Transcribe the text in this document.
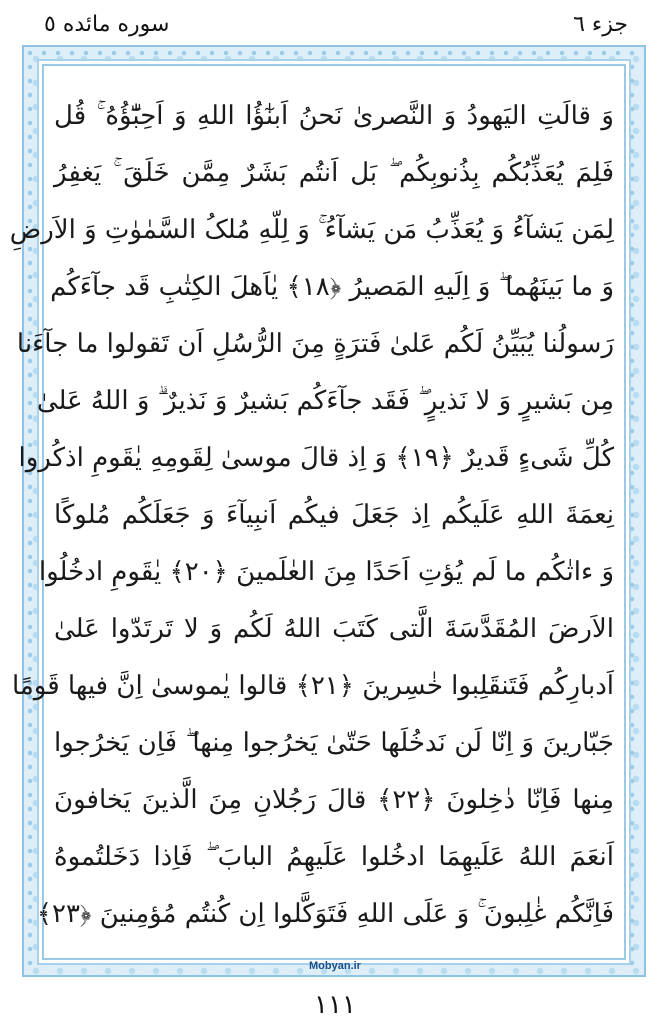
جزء ٦
سوره مائده ٥
وَ قالَتِ الیَهودُ وَ النَّصریٰ نَحنُ اَبنٰٓؤُا اللهِ وَ اَحِبّٰٓؤُهُ ۚ قُل
فَلِمَ یُعَذِّبُکُم بِذُنوبِکُم ۖ بَل اَنتُم بَشَرٌ مِمَّن خَلَقَ ۚ یَغفِرُ
لِمَن یَشآءُ وَ یُعَذِّبُ مَن یَشآءُ ۚ وَ لِلّهِ مُلکُ السَّمٰوٰتِ وَ الاَرضِ
وَ ما بَینَهُما ۖ وَ اِلَیهِ المَصیرُ ﴿١٨﴾ یٰاَهلَ الکِتٰبِ قَد جآءَکُم
رَسولُنا یُبَیِّنُ لَکُم عَلیٰ فَترَةٍ مِنَ الرُّسُلِ اَن تَقولوا ما جآءَنا
مِن بَشیرٍ وَ لا نَذیرٍ ۖ فَقَد جآءَکُم بَشیرٌ وَ نَذیرٌ ۗ وَ اللهُ عَلیٰ
کُلِّ شَیءٍ قَدیرٌ ﴿١٩﴾ وَ اِذ قالَ موسیٰ لِقَومِهِ یٰقَومِ اذکُروا
نِعمَةَ اللهِ عَلَیکُم اِذ جَعَلَ فیکُم اَنبِیآءَ وَ جَعَلَکُم مُلوکًا
وَ ءاتٰکُم ما لَم یُؤتِ اَحَدًا مِنَ العٰلَمینَ ﴿٢٠﴾ یٰقَومِ ادخُلُوا
الاَرضَ المُقَدَّسَةَ الَّتی کَتَبَ اللهُ لَکُم وَ لا تَرتَدّوا عَلیٰ
اَدبارِکُم فَتَنقَلِبوا خٰسِرینَ ﴿٢١﴾ قالوا یٰموسیٰ اِنَّ فیها قَومًا
جَبّارینَ وَ اِنّا لَن نَدخُلَها حَتّیٰ یَخرُجوا مِنها ۖ فَاِن یَخرُجوا
مِنها فَاِنّا دٰخِلونَ ﴿٢٢﴾ قالَ رَجُلانِ مِنَ الَّذینَ یَخافونَ
اَنعَمَ اللهُ عَلَیهِمَا ادخُلوا عَلَیهِمُ البابَ ۖ فَاِذا دَخَلتُموهُ
فَاِنَّکُم غٰلِبونَ ۚ وَ عَلَی اللهِ فَتَوَکَّلوا اِن کُنتُم مُؤمِنینَ ﴿٢٣﴾
Mobyan.ir
١١١
